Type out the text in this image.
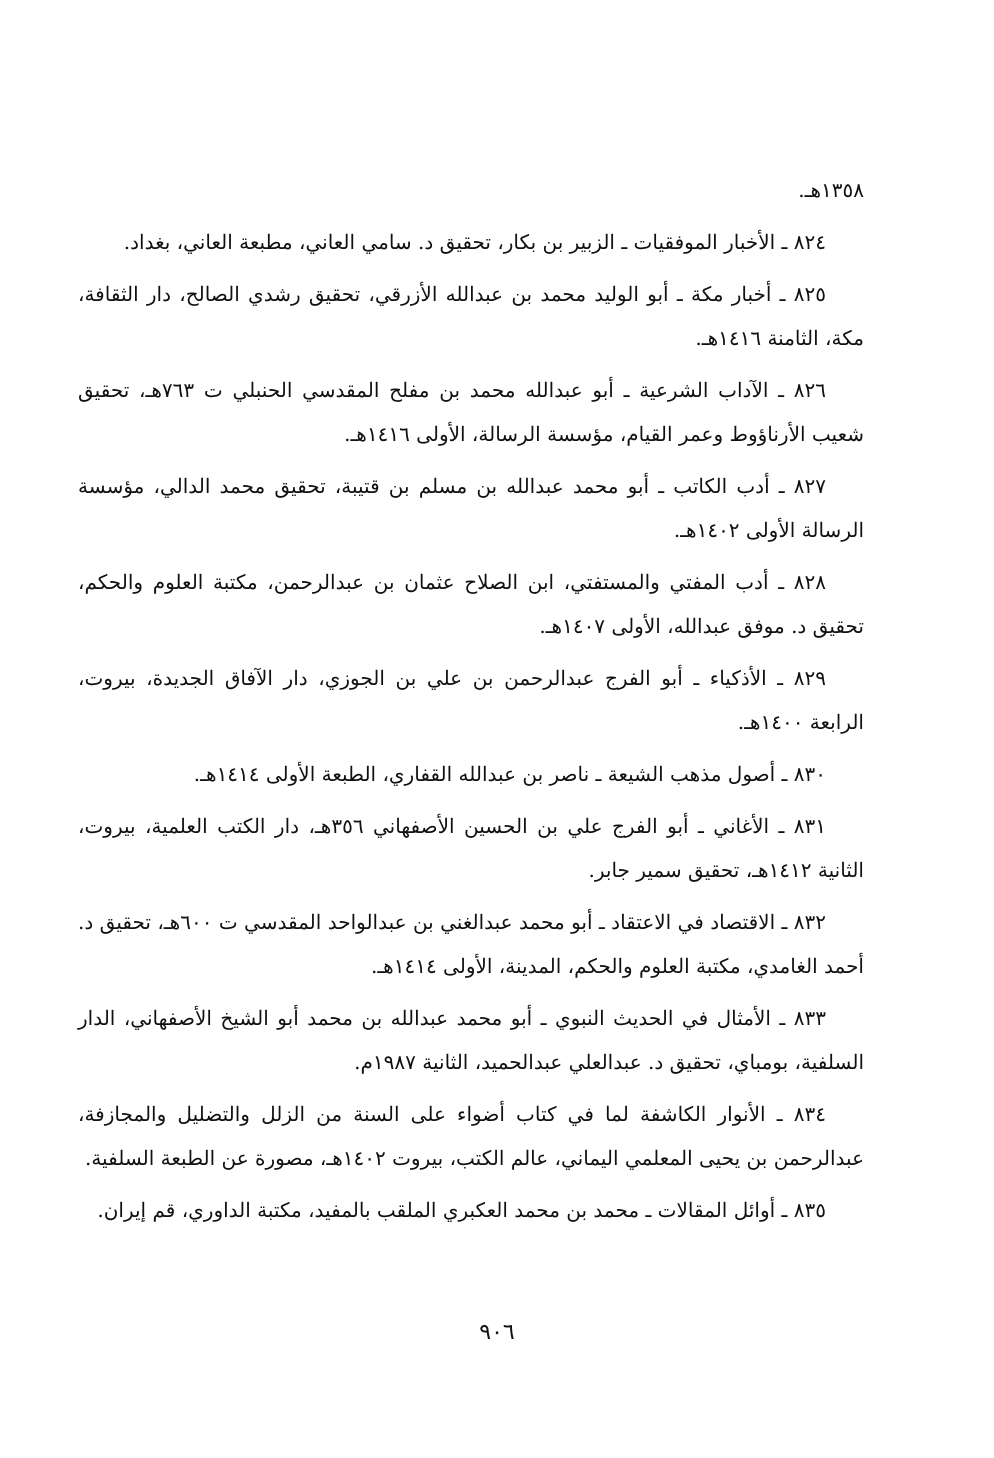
١٣٥٨هـ.

٨٢٤ ـ الأخبار الموفقيات ـ الزبير بن بكار، تحقيق د. سامي العاني، مطبعة العاني، بغداد.

٨٢٥ ـ أخبار مكة ـ أبو الوليد محمد بن عبدالله الأزرقي، تحقيق رشدي الصالح، دار الثقافة، مكة، الثامنة ١٤١٦هـ.

٨٢٦ ـ الآداب الشرعية ـ أبو عبدالله محمد بن مفلح المقدسي الحنبلي ت ٧٦٣هـ، تحقيق شعيب الأرناؤوط وعمر القيام، مؤسسة الرسالة، الأولى ١٤١٦هـ.

٨٢٧ ـ أدب الكاتب ـ أبو محمد عبدالله بن مسلم بن قتيبة، تحقيق محمد الدالي، مؤسسة الرسالة الأولى ١٤٠٢هـ.

٨٢٨ ـ أدب المفتي والمستفتي، ابن الصلاح عثمان بن عبدالرحمن، مكتبة العلوم والحكم، تحقيق د. موفق عبدالله، الأولى ١٤٠٧هـ.

٨٢٩ ـ الأذكياء ـ أبو الفرج عبدالرحمن بن علي بن الجوزي، دار الآفاق الجديدة، بيروت، الرابعة ١٤٠٠هـ.

٨٣٠ ـ أصول مذهب الشيعة ـ ناصر بن عبدالله القفاري، الطبعة الأولى ١٤١٤هـ.

٨٣١ ـ الأغاني ـ أبو الفرج علي بن الحسين الأصفهاني ٣٥٦هـ، دار الكتب العلمية، بيروت، الثانية ١٤١٢هـ، تحقيق سمير جابر.

٨٣٢ ـ الاقتصاد في الاعتقاد ـ أبو محمد عبدالغني بن عبدالواحد المقدسي ت ٦٠٠هـ، تحقيق د. أحمد الغامدي، مكتبة العلوم والحكم، المدينة، الأولى ١٤١٤هـ.

٨٣٣ ـ الأمثال في الحديث النبوي ـ أبو محمد عبدالله بن محمد أبو الشيخ الأصفهاني، الدار السلفية، بومباي، تحقيق د. عبدالعلي عبدالحميد، الثانية ١٩٨٧م.

٨٣٤ ـ الأنوار الكاشفة لما في كتاب أضواء على السنة من الزلل والتضليل والمجازفة، عبدالرحمن بن يحيى المعلمي اليماني، عالم الكتب، بيروت ١٤٠٢هـ، مصورة عن الطبعة السلفية.

٨٣٥ ـ أوائل المقالات ـ محمد بن محمد العكبري الملقب بالمفيد، مكتبة الداوري، قم إيران.

٩٠٦
